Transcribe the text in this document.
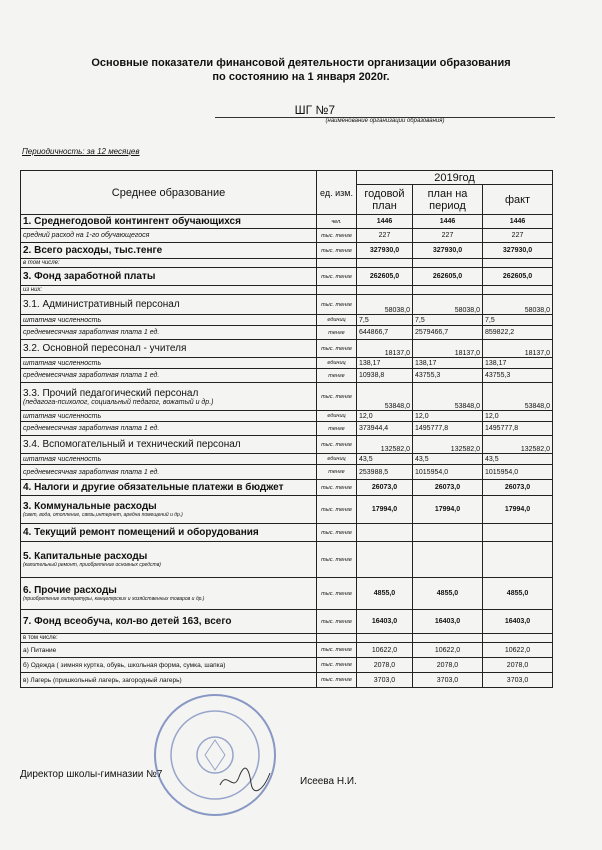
Основные показатели финансовой деятельности организации образования
по состоянию на 1 января 2020г.
ШГ №7
(наименование организации образования)
Периодичность: за 12 месяцев
Среднее образование	ед. изм.	2019год		
		годовой план	план на период	факт
1. Среднегодовой контингент обучающихся	чел.	1446	1446	1446
средний расход на 1-го обучающегося	тыс. тенге	227	227	227
2. Всего расходы, тыс.тенге	тыс. тенге	327930,0	327930,0	327930,0
в том числе:				
3. Фонд заработной платы	тыс. тенге	262605,0	262605,0	262605,0
из них:				
3.1. Административный персонал	тыс. тенге	58038,0	58038,0	58038,0
штатная численность	единиц	7,5	7,5	7,5
среднемесячная заработная плата 1 ед.	тенге	644866,7	2579466,7	859822,2
3.2. Основной пересонал - учителя	тыс. тенге	18137,0	18137,0	18137,0
штатная численность	единиц	138,17	138,17	138,17
среднемесячная заработная плата 1 ед.	тенге	10938,8	43755,3	43755,3

3.3. Прочий педагогический персонал
(педагога-психолог, социальный педагог, вожатый и др.)	тыс. тенге	53848,0	53848,0	53848,0
штатная численность	единиц	12,0	12,0	12,0
среднемесячная заработная плата 1 ед.	тенге	373944,4	1495777,8	1495777,8
3.4. Вспомогательный и технический персонал	тыс. тенге	132582,0	132582,0	132582,0
штатная численность	единиц	43,5	43,5	43,5
среднемесячная заработная плата 1 ед.	тенге	253988,5	1015954,0	1015954,0
4. Налоги и другие обязательные платежи в бюджет	тыс. тенге	26073,0	26073,0	26073,0

3. Коммунальные расходы
(свет, вода, отопление, связь,интернет, аредна помещений и др.)	тыс. тенге	17994,0	17994,0	17994,0
4. Текущий ремонт помещений и оборудования	тыс. тенге			

5. Капитальные расходы
(капительный ремонт, приобретение основных средств)	тыс. тенге			

6. Прочие расходы
(приобретение литературы, канцелярских и хозяйственных товаров и др.)	тыс. тенге	4855,0	4855,0	4855,0
7. Фонд всеобуча, кол-во детей 163, всего	тыс. тенге	16403,0	16403,0	16403,0
в том числе:				
а) Питание	тыс. тенге	10622,0	10622,0	10622,0
б) Одежда ( зимняя куртка, обувь, школьная форма, сумка, шапка)	тыс. тенге	2078,0	2078,0	2078,0
в) Лагерь (пришкольный лагерь, загородный лагерь)	тыс. тенге	3703,0	3703,0	3703,0
Директор школы-гимназии №7
Исеева Н.И.
